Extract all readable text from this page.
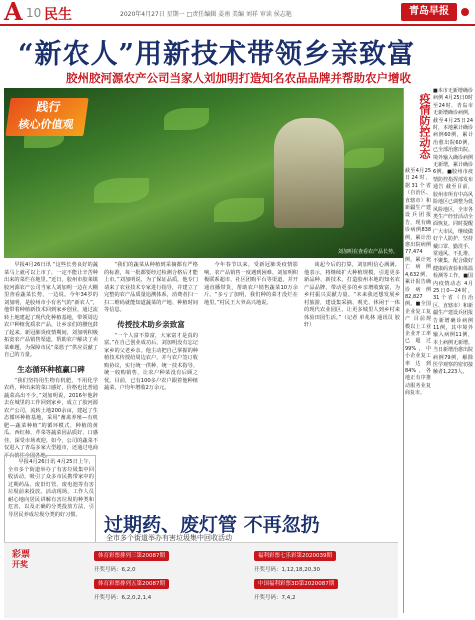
A 10 民生	2020年4月27日 星期一 □责任编辑 姜南 美编 刘祥 审读 侯志艳	青岛早报
“新农人”用新技术带领乡亲致富
胶州胶河源农产公司当家人刘加明打造知名农品品牌并帮助农户增收
刘加明在查看农产品长势。
践行
核心价值观	疫情防控动态
截至4月25日24时，据31个省（自治区、直辖市）和新疆生产建设兵团报告，现有确诊病例838例，累计治愈出院病例77,474例，累计死亡病例4,632例，累计报告确诊病例82,827例。■全国企业复工复产 目前规模以上工业企业开工率已超过99%，中小企业复工率达到84%，各地正有序推动服务业复商复市。
■本市无新增确诊病例 4月25日0时至24时，青岛市无新增确诊病例，截至4月25日24时，本地累计确诊病例60例，累计治愈出院60例，已全部治愈出院。境外输入确诊病例无新增，累计确诊6例。■胶州市疫情防控指挥部发布通告 截至目前，胶州市所有中高风险地区已调整为低风险地区，全市各类生产经营活动全面恢复。同时提醒广大市民，继续做好个人防护，坚持戴口罩、勤洗手、常通风、不扎堆、不聚集，配合做好健康码查验和体温检测等工作。■国内疫情动态 4月25日0—24时，31个省（自治区、直辖市）和新疆生产建设兵团报告新增确诊病例11例，其中境外输入病例11例，本土病例无新增。当日新增治愈出院病例79例，解除医学观察的密切接触者1,223人。

早报4月26日讯 “这些长势良好的蔬菜马上就可以上市了，一定不能让辛苦种出来的菜烂在地里。”近日，胶州市胶莱镇胶河源农产公司当家人刘加明一边在大棚里查看蔬菜长势，一边说。今年34岁的刘加明，是胶州市小有名气的“新农人”，他带着种植新技术回到家乡创业，通过流转土地建起了现代化种植基地，带领周边农户种植优质农产品，让乡亲们的腰包鼓了起来。新冠肺炎疫情期间，刘加明积极拓宽农产品销售渠道，帮助农户解决了卖菜难题，为保障市民“菜篮子”供应贡献了自己的力量。

生态循环种植赢口碑

“我们坚持用生物有机肥，不用化学农药，种出来的菜口感好，价格也比普通蔬菜高出不少。”刘加明说，2016年他辞去在城里的工作回到家乡，成立了胶河源农产公司，流转土地200余亩，建起了生态循环种植基地，采用“畜禽养殖—有机肥—蔬菜种植”的循环模式，种植的黄瓜、西红柿、芹菜等蔬菜因品质好、口感佳，深受市场欢迎。如今，公司的蔬菜不仅进入了青岛多家大型超市，还通过电商平台销往全国各地。

“我们的蔬菜从种植到采摘都有严格的标准，每一批都要经过检测合格后才能上市。”刘加明说，为了保证品质，他专门请来了农业技术专家进行指导，并建立了完整的农产品质量追溯体系，消费者扫一扫二维码就能知道蔬菜的产地、种植时间等信息。

传授技术助乡亲致富

“一个人富不算富，大家富才是真的富。”在自己创业成功后，刘加明没有忘记家乡的父老乡亲。他主动把自己掌握的种植技术传授给周边农户，并与农户签订收购协议，实行统一供种、统一技术指导、统一收购销售，让农户种菜没有后顾之忧。目前，已有100多户农户跟着他种植蔬菜，户均年增收2万余元。

今年春节以来，受新冠肺炎疫情影响，农产品销售一度遇到困难。刘加明积极联系超市、社区团购平台等渠道，并开通直播带货，帮助农户销售蔬菜10万余斤。“多亏了加明，我们种的菜才没烂在地里。”村民王大爷高兴地说。

谈起今后的打算，刘加明信心满满。他表示，将继续扩大种植规模，引进更多新品种、新技术，打造胶州本地的知名农产品品牌，带动更多的乡亲增收致富，为乡村振兴贡献力量。“未来我还想发展乡村旅游，建设集采摘、观光、休闲于一体的现代农业园区，让更多城里人到乡村来体验田园生活。”（记者 单兆林 通讯员 胶轩）

早报4月26日讯 4月25日上午，全市多个街道举办了有害垃圾集中回收活动，吸引了众多市民携带家中的过期药品、废旧灯管、废电池等有害垃圾前来投放。活动现场，工作人员耐心地向居民讲解有害垃圾的种类和危害，以及正确的分类投放方法，引导居民养成垃圾分类的好习惯。	过期药、废灯管 不再忽扔
全市多个街道举办有害垃圾集中回收活动
彩票
开奖
体育彩票排列三第20087期
开奖号码：6,2,0
体育彩票排列五第20087期
开奖号码：6,2,0,2,1,4
福利彩票七乐彩第2020039期
开奖号码：1,12,18,20,30
中国福利彩票3D第2020087期
开奖号码：7,4,2
